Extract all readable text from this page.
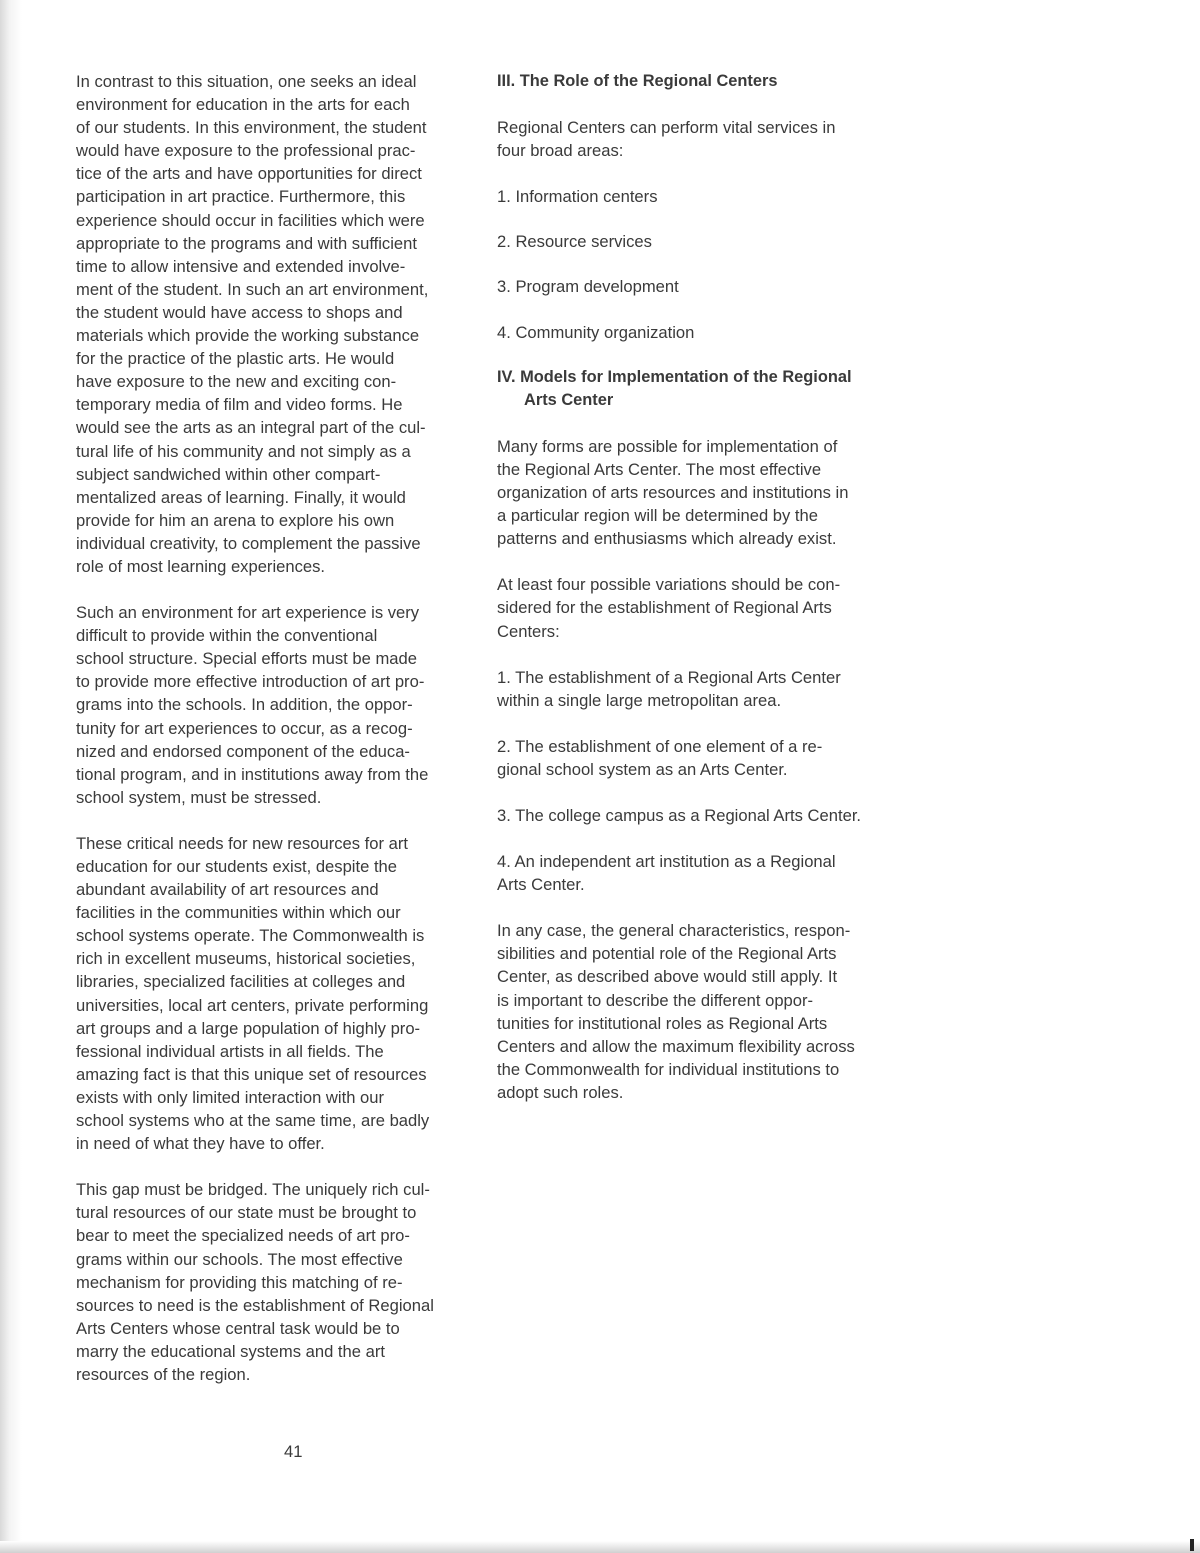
In contrast to this situation, one seeks an ideal
environment for education in the arts for each
of our students. In this environment, the student
would have exposure to the professional prac-
tice of the arts and have opportunities for direct
participation in art practice. Furthermore, this
experience should occur in facilities which were
appropriate to the programs and with sufficient
time to allow intensive and extended involve-
ment of the student. In such an art environment,
the student would have access to shops and
materials which provide the working substance
for the practice of the plastic arts. He would
have exposure to the new and exciting con-
temporary media of film and video forms. He
would see the arts as an integral part of the cul-
tural life of his community and not simply as a
subject sandwiched within other compart-
mentalized areas of learning. Finally, it would
provide for him an arena to explore his own
individual creativity, to complement the passive
role of most learning experiences.

Such an environment for art experience is very
difficult to provide within the conventional
school structure. Special efforts must be made
to provide more effective introduction of art pro-
grams into the schools. In addition, the oppor-
tunity for art experiences to occur, as a recog-
nized and endorsed component of the educa-
tional program, and in institutions away from the
school system, must be stressed.

These critical needs for new resources for art
education for our students exist, despite the
abundant availability of art resources and
facilities in the communities within which our
school systems operate. The Commonwealth is
rich in excellent museums, historical societies,
libraries, specialized facilities at colleges and
universities, local art centers, private performing
art groups and a large population of highly pro-
fessional individual artists in all fields. The
amazing fact is that this unique set of resources
exists with only limited interaction with our
school systems who at the same time, are badly
in need of what they have to offer.

This gap must be bridged. The uniquely rich cul-
tural resources of our state must be brought to
bear to meet the specialized needs of art pro-
grams within our schools. The most effective
mechanism for providing this matching of re-
sources to need is the establishment of Regional
Arts Centers whose central task would be to
marry the educational systems and the art
resources of the region.

III. The Role of the Regional Centers

Regional Centers can perform vital services in
four broad areas:

1. Information centers
2. Resource services
3. Program development
4. Community organization
IV. Models for Implementation of the Regional
Arts Center

Many forms are possible for implementation of
the Regional Arts Center. The most effective
organization of arts resources and institutions in
a particular region will be determined by the
patterns and enthusiasms which already exist.

At least four possible variations should be con-
sidered for the establishment of Regional Arts
Centers:

1. The establishment of a Regional Arts Center
within a single large metropolitan area.

2. The establishment of one element of a re-
gional school system as an Arts Center.

3. The college campus as a Regional Arts Center.

4. An independent art institution as a Regional
Arts Center.

In any case, the general characteristics, respon-
sibilities and potential role of the Regional Arts
Center, as described above would still apply. It
is important to describe the different oppor-
tunities for institutional roles as Regional Arts
Centers and allow the maximum flexibility across
the Commonwealth for individual institutions to
adopt such roles.

41
